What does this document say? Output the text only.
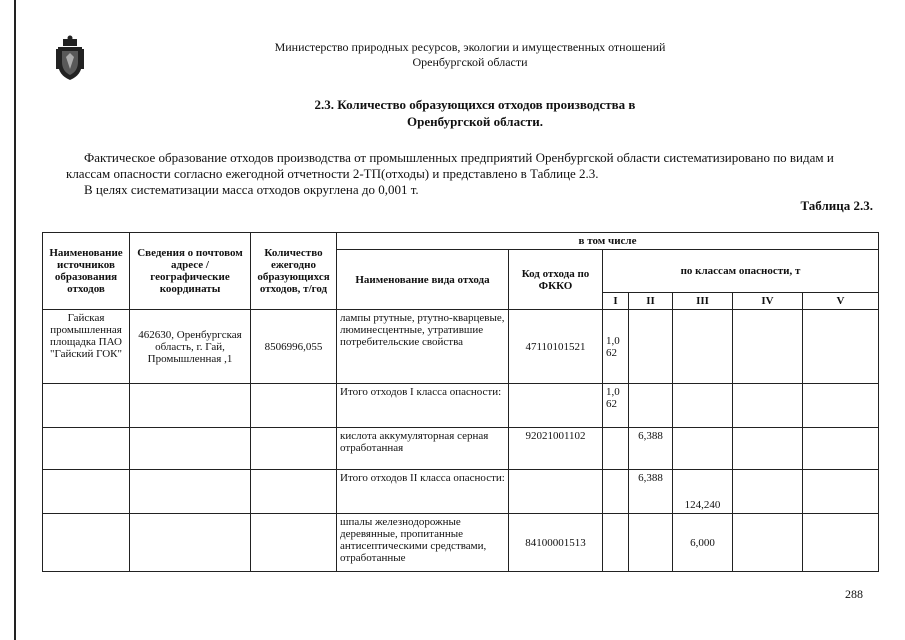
Министерство природных ресурсов, экологии и имущественных отношений
Оренбургской области
2.3. Количество образующихся отходов производства в
Оренбургской области.

Фактическое образование отходов производства от промышленных предприятий Оренбургской области систематизировано по видам и классам опасности согласно ежегодной отчетности 2-ТП(отходы) и представлено в Таблице 2.3.

В целях систематизации масса отходов округлена до 0,001 т.

Таблица 2.3.
Наименование источников образования отходов	Сведения о почтовом адресе / географические координаты	Количество ежегодно образующихся отходов, т/год	в том числе						
			Наименование вида отхода	Код отхода по ФККО	по классам опасности, т				
					I	II	III	IV	V
Гайская промышленная площадка ПАО "Гайский ГОК"	462630, Оренбургская область, г. Гай, Промышленная ,1	8506996,055	лампы ртутные, ртутно-кварцевые, люминесцентные, утратившие потребительские свойства	47110101521	1,062				
			Итого отходов I класса опасности:		1,062				
			кислота аккумуляторная серная отработанная	92021001102		6,388			
			Итого отходов II класса опасности:			6,388	124,240		
			шпалы железнодорожные деревянные, пропитанные антисептическими средствами, отработанные	84100001513			6,000		
288
